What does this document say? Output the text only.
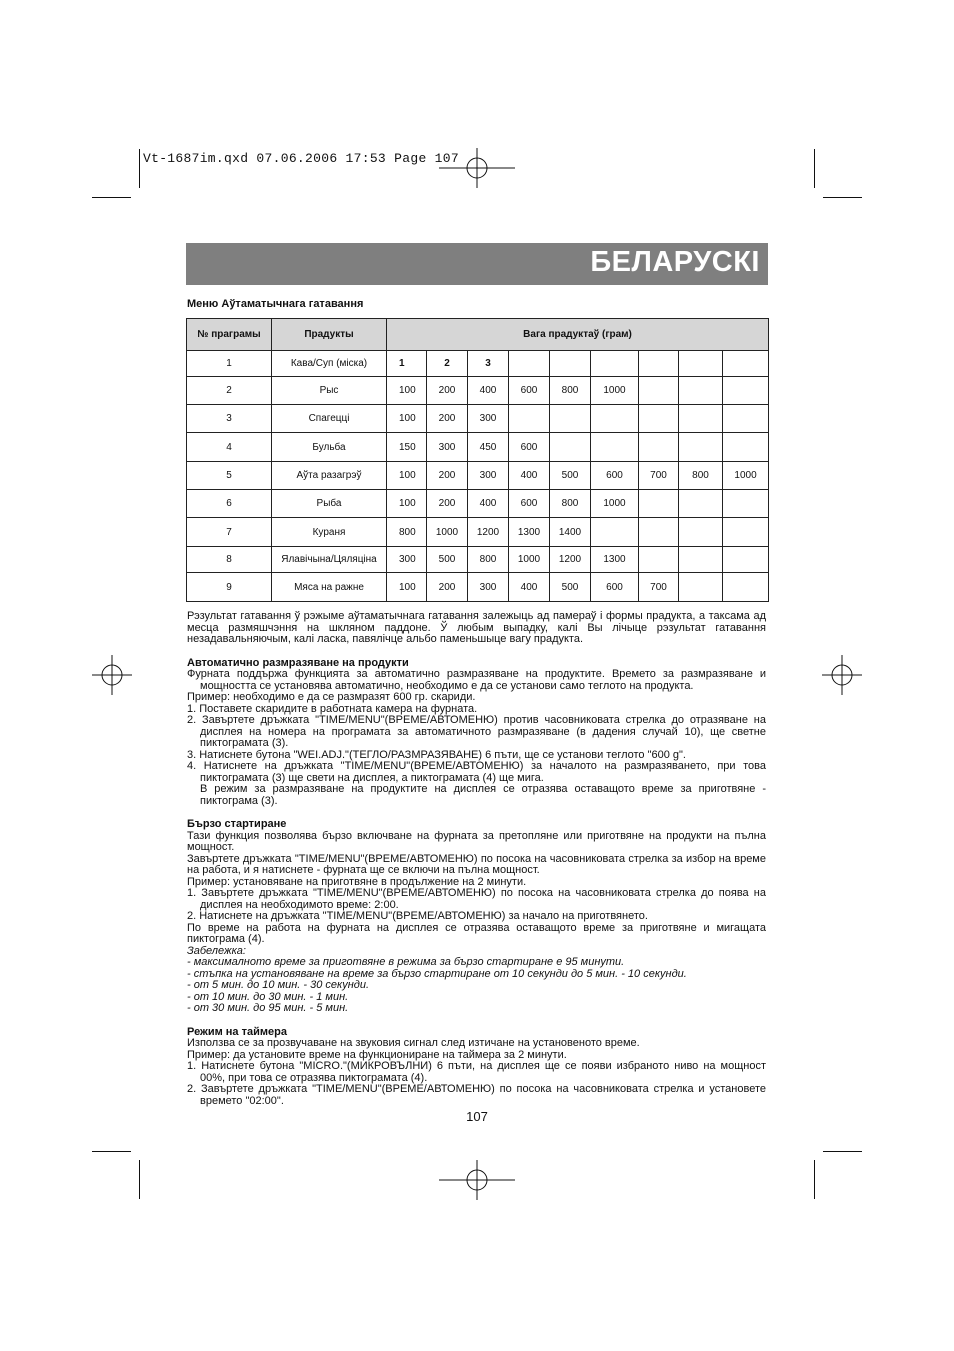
Vt-1687im.qxd 07.06.2006 17:53 Page 107
БЕЛАРУСКІ
Меню Аўтаматычнага гатавання
№ прагрaмы	Прадукты	Вага прадуктаў (грам)								
1	Кава/Суп (міска)	1	2	3						
2	Рыс	100	200	400	600	800	1000			
3	Спагецці	100	200	300						
4	Бульба	150	300	450	600					
5	Аўта разагрэў	100	200	300	400	500	600	700	800	1000
6	Рыба	100	200	400	600	800	1000			
7	Кураня	800	1000	1200	1300	1400				
8	Ялавічына/Цяляціна	300	500	800	1000	1200	1300			
9	Мяса на ражне	100	200	300	400	500	600	700		

Рэзультат гатавання ў рэжыме аўтаматычнага гатавання залежыць ад памераў і формы прадукта, а таксама ад месца размяшчэння на шкляном паддоне. Ў любым выпадку, калі Вы лічыце рэзультат гатавання незадавальняючым, калі ласка, павялічце альбо паменьшыце вагу прадукта.

Автоматично размразяване на продукти

Фурната поддържа функцията за автоматично размразяване на продуктите. Времето за размразяване и мощността се установява автоматично, необходимо е да се установи само теглото на продукта.

Пример: необходимо е да се размразят 600 гр. скариди.

1. Поставете скаридите в работната камера на фурната.

2. Завъртете дръжката "TIME/MENU"(ВРЕМЕ/АВТОМЕНЮ) против часовниковата стрелка до отразяване на дисплея на номера на програмата за автоматичното размразяване (в дадения случай 10), ще светне пиктограмата (3).

3. Натиснете бутона "WEI.ADJ."(ТЕГЛО/РАЗМРАЗЯВАНЕ) 6 пъти, ще се установи теглото "600 g".

4. Натиснете на дръжката "TIME/MENU"(ВРЕМЕ/АВТОМЕНЮ) за началото на размразяването, при това пиктограмата (3) ще свети на дисплея, а пиктограмата (4) ще мига.

В режим за размразяване на продуктите на дисплея се отразява оставащото време за приготвяне - пиктограма (3).

Бързо стартиране

Тази функция позволява бързо включване на фурната за претопляне или приготвяне на продукти на пълна мощност.

Завъртете дръжката "TIME/MENU"(ВРЕМЕ/АВТОМЕНЮ) по посока на часовниковата стрелка за избор на време на работа, и я натиснете - фурната ще се включи на пълна мощност.

Пример: установяване на приготвяне в продължение на 2 минути.

1. Завъртете дръжката "TIME/MENU"(ВРЕМЕ/АВТОМЕНЮ) по посока на часовниковата стрелка до поява на дисплея на необходимото време: 2:00.

2. Натиснете на дръжката "TIME/MENU"(ВРЕМЕ/АВТОМЕНЮ) за начало на приготвянето.

По време на работа на фурната на дисплея се отразява оставащото време за приготвяне и мигащата пиктограма (4).

Забележка:

- максималното време за приготвяне в режима за бързо стартиране е 95 минути.

- стъпка на установяване на време за бързо стартиране от 10 секунди до 5 мин. - 10 секунди.

- от 5 мин. до 10 мин. - 30 секунди.

- от 10 мин. до 30 мин. - 1 мин.

- от 30 мин. до 95 мин. - 5 мин.

Режим на таймера

Използва се за прозвучаване на звуковия сигнал след изтичане на установеното време.

Пример: да установите време на функциониране на таймера за 2 минути.

1. Натиснете бутона "MICRO."(МИКРОВЪЛНИ) 6 пъти, на дисплея ще се появи избраното ниво на мощност 00%, при това се отразява пиктограмата (4).

2. Завъртете дръжката "TIME/MENU"(ВРЕМЕ/АВТОМЕНЮ) по посока на часовниковата стрелка и установете времето "02:00".

107
